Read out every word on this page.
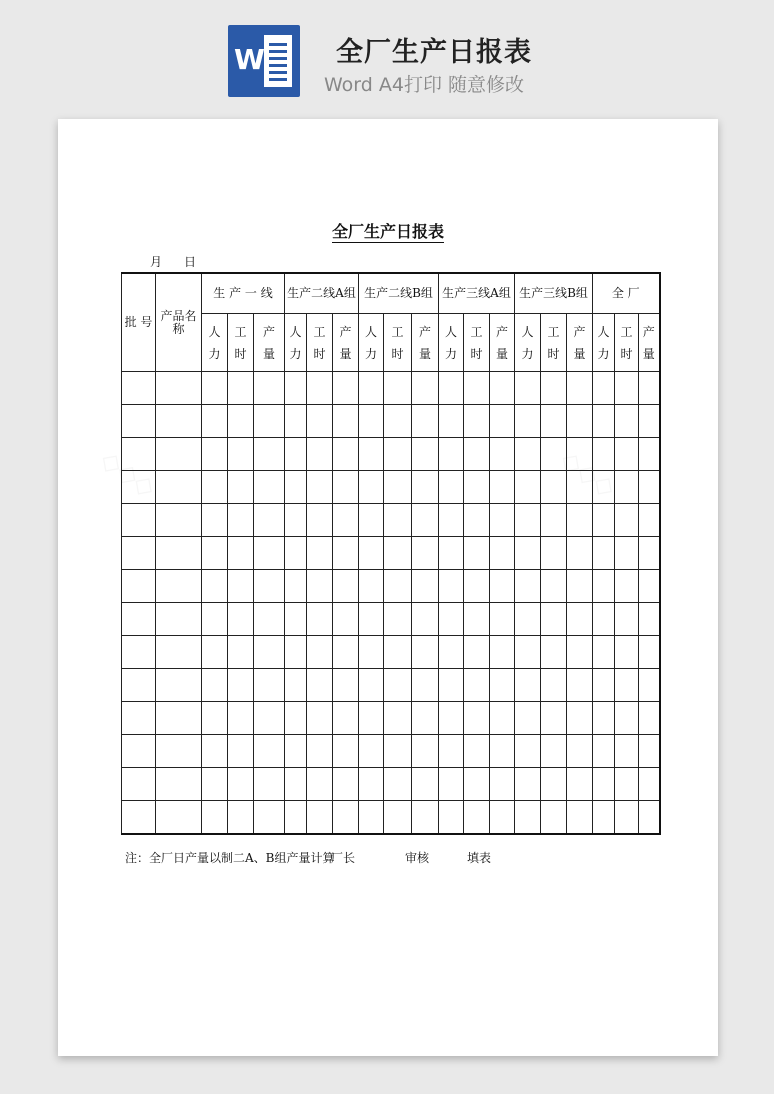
W	全厂生产日报表
Word A4打印 随意修改
全厂生产日报表
月 日
批 号	产品名称	生 产 一 线			生产二线A组			生产二线B组			生产三线A组			生产三线B组			全 厂		
		人力	工时	产量	人力	工时	产量	人力	工时	产量	人力	工时	产量	人力	工时	产量	人力	工时	产量

注：全厂日产量以制二A、B组产量计算
厂长	审核	填表
